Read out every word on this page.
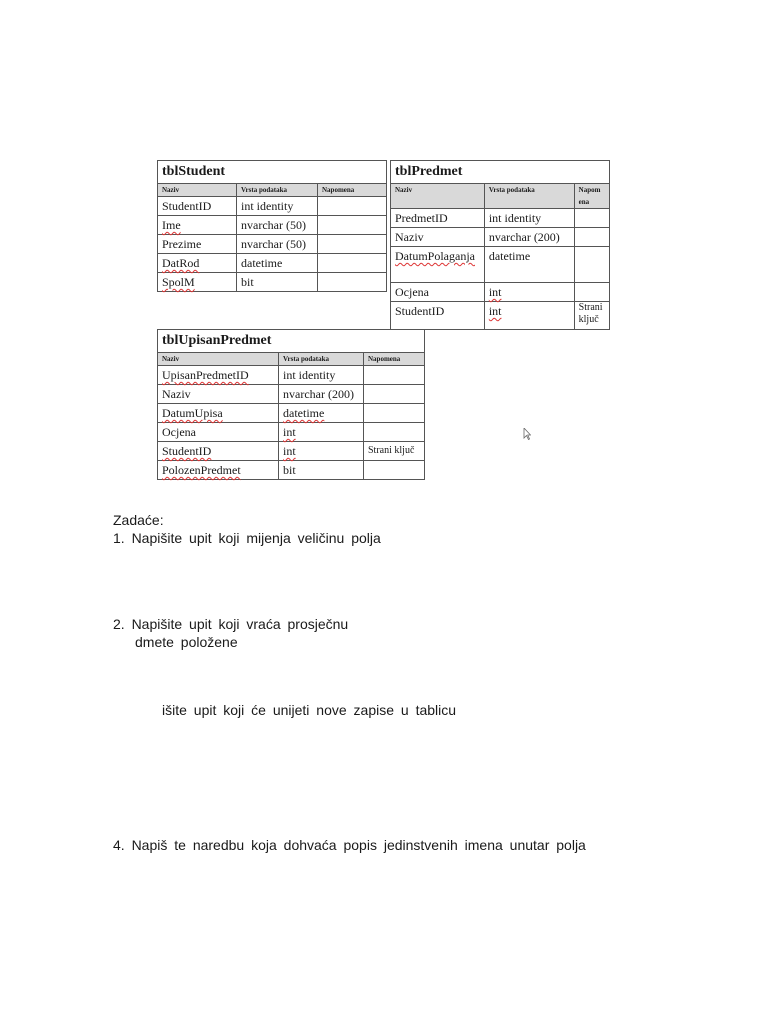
tblStudent		
Naziv	Vrsta podataka	Napomena
StudentID	int identity	
Ime	nvarchar (50)	
Prezime	nvarchar (50)	
DatRod	datetime	
SpolM	bit	
tblPredmet		
Naziv	Vrsta podataka	Napom ena
PredmetID	int identity	
Naziv	nvarchar (200)	
DatumPolaganja	datetime	
Ocjena	int	
StudentID	int	Strani ključ
tblUpisanPredmet		
Naziv	Vrsta podataka	Napomena
UpisanPredmetID	int identity	
Naziv	nvarchar (200)	
DatumUpisa	datetime	
Ocjena	int	
StudentID	int	Strani ključ
PolozenPredmet	bit	
Zadaće:
1. Napišite upit koji mijenja veličinu polja
2. Napišite upit koji vraća prosječnu
dmete položene
išite upit koji će unijeti nove zapise u tablicu
4. Napiš te naredbu koja dohvaća popis jedinstvenih imena unutar polja
